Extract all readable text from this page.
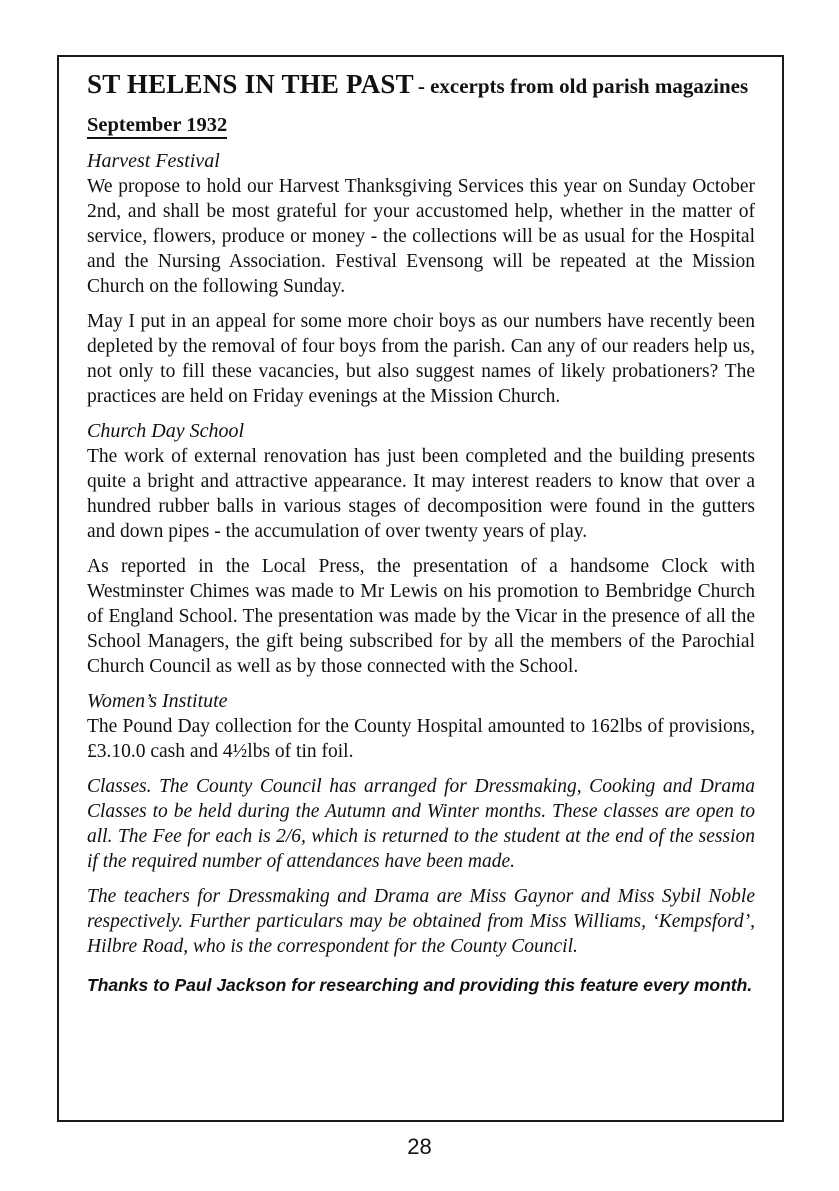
ST HELENS IN THE PAST - excerpts from old parish magazines
September 1932
Harvest Festival

We propose to hold our Harvest Thanksgiving Services this year on Sunday October 2nd, and shall be most grateful for your accustomed help, whether in the matter of service, flowers, produce or money - the collections will be as usual for the Hospital and the Nursing Association. Festival Evensong will be repeated at the Mission Church on the following Sunday.

May I put in an appeal for some more choir boys as our numbers have recently been depleted by the removal of four boys from the parish. Can any of our readers help us, not only to fill these vacancies, but also suggest names of likely probationers? The practices are held on Friday evenings at the Mission Church.

Church Day School

The work of external renovation has just been completed and the building presents quite a bright and attractive appearance. It may interest readers to know that over a hundred rubber balls in various stages of decomposition were found in the gutters and down pipes - the accumulation of over twenty years of play.

As reported in the Local Press, the presentation of a handsome Clock with Westminster Chimes was made to Mr Lewis on his promotion to Bembridge Church of England School. The presentation was made by the Vicar in the presence of all the School Managers, the gift being subscribed for by all the members of the Parochial Church Council as well as by those connected with the School.

Women’s Institute

The Pound Day collection for the County Hospital amounted to 162lbs of provisions, £3.10.0 cash and 4½lbs of tin foil.

Classes. The County Council has arranged for Dressmaking, Cooking and Drama Classes to be held during the Autumn and Winter months. These classes are open to all. The Fee for each is 2/6, which is returned to the student at the end of the session if the required number of attendances have been made.

The teachers for Dressmaking and Drama are Miss Gaynor and Miss Sybil Noble respectively. Further particulars may be obtained from Miss Williams, ‘Kempsford’, Hilbre Road, who is the correspondent for the County Council.

Thanks to Paul Jackson for researching and providing this feature every month.

28
